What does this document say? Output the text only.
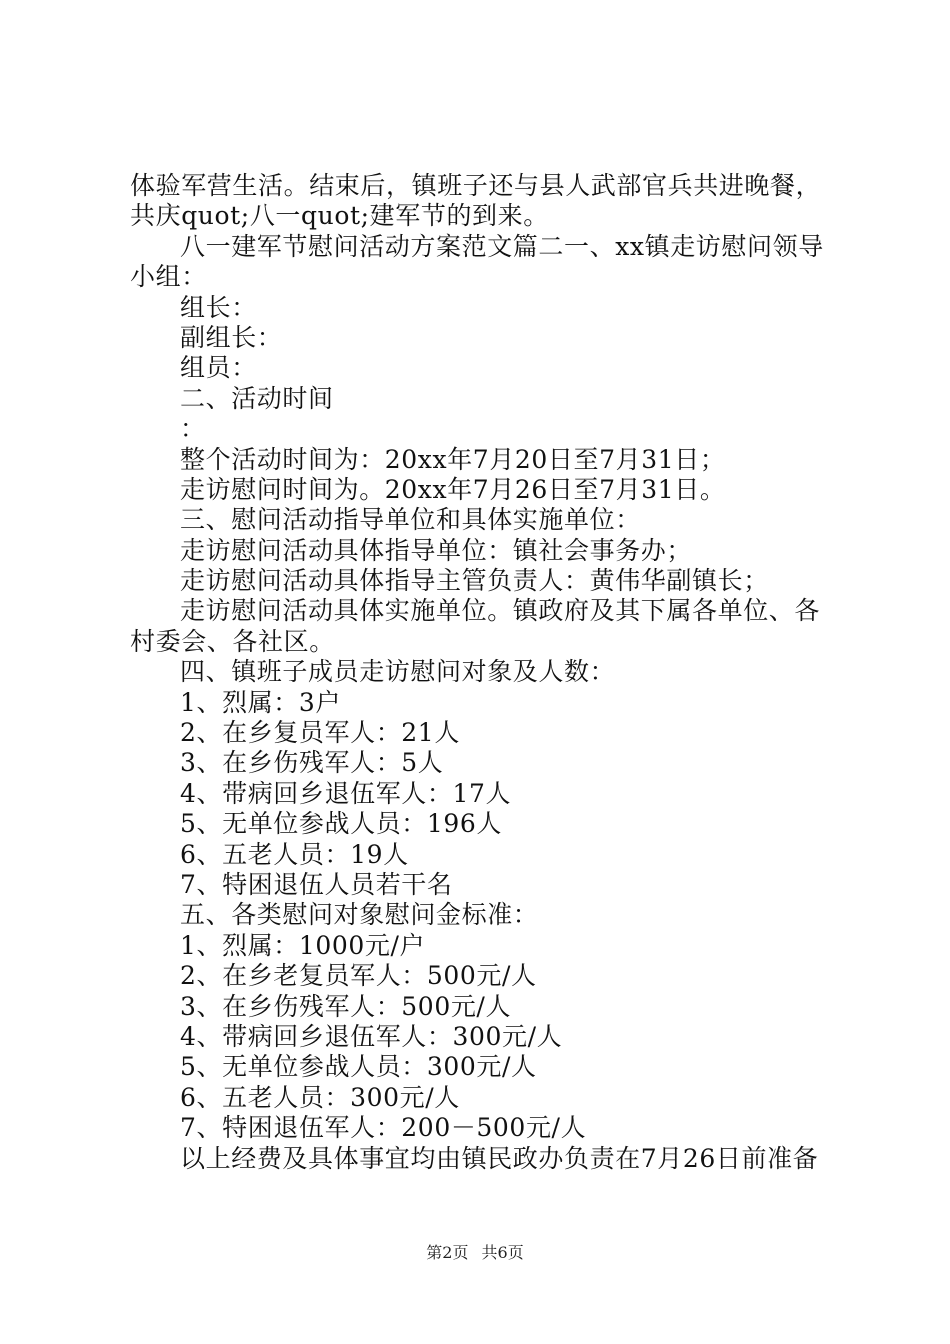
体验军营生活。结束后，镇班子还与县人武部官兵共进晚餐，
共庆quot;八一quot;建军节的到来。
八一建军节慰问活动方案范文篇二一、xx镇走访慰问领导
小组：
组长：
副组长：
组员：
二、活动时间
：
整个活动时间为：20xx年7月20日至7月31日；
走访慰问时间为。20xx年7月26日至7月31日。
三、慰问活动指导单位和具体实施单位：
走访慰问活动具体指导单位：镇社会事务办；
走访慰问活动具体指导主管负责人：黄伟华副镇长；
走访慰问活动具体实施单位。镇政府及其下属各单位、各
村委会、各社区。
四、镇班子成员走访慰问对象及人数：
1、烈属：3户
2、在乡复员军人：21人
3、在乡伤残军人：5人
4、带病回乡退伍军人：17人
5、无单位参战人员：196人
6、五老人员：19人
7、特困退伍人员若干名
五、各类慰问对象慰问金标准：
1、烈属：1000元/户
2、在乡老复员军人：500元/人
3、在乡伤残军人：500元/人
4、带病回乡退伍军人：300元/人
5、无单位参战人员：300元/人
6、五老人员：300元/人
7、特困退伍军人：200－500元/人
以上经费及具体事宜均由镇民政办负责在7月26日前准备
第2页 共6页
